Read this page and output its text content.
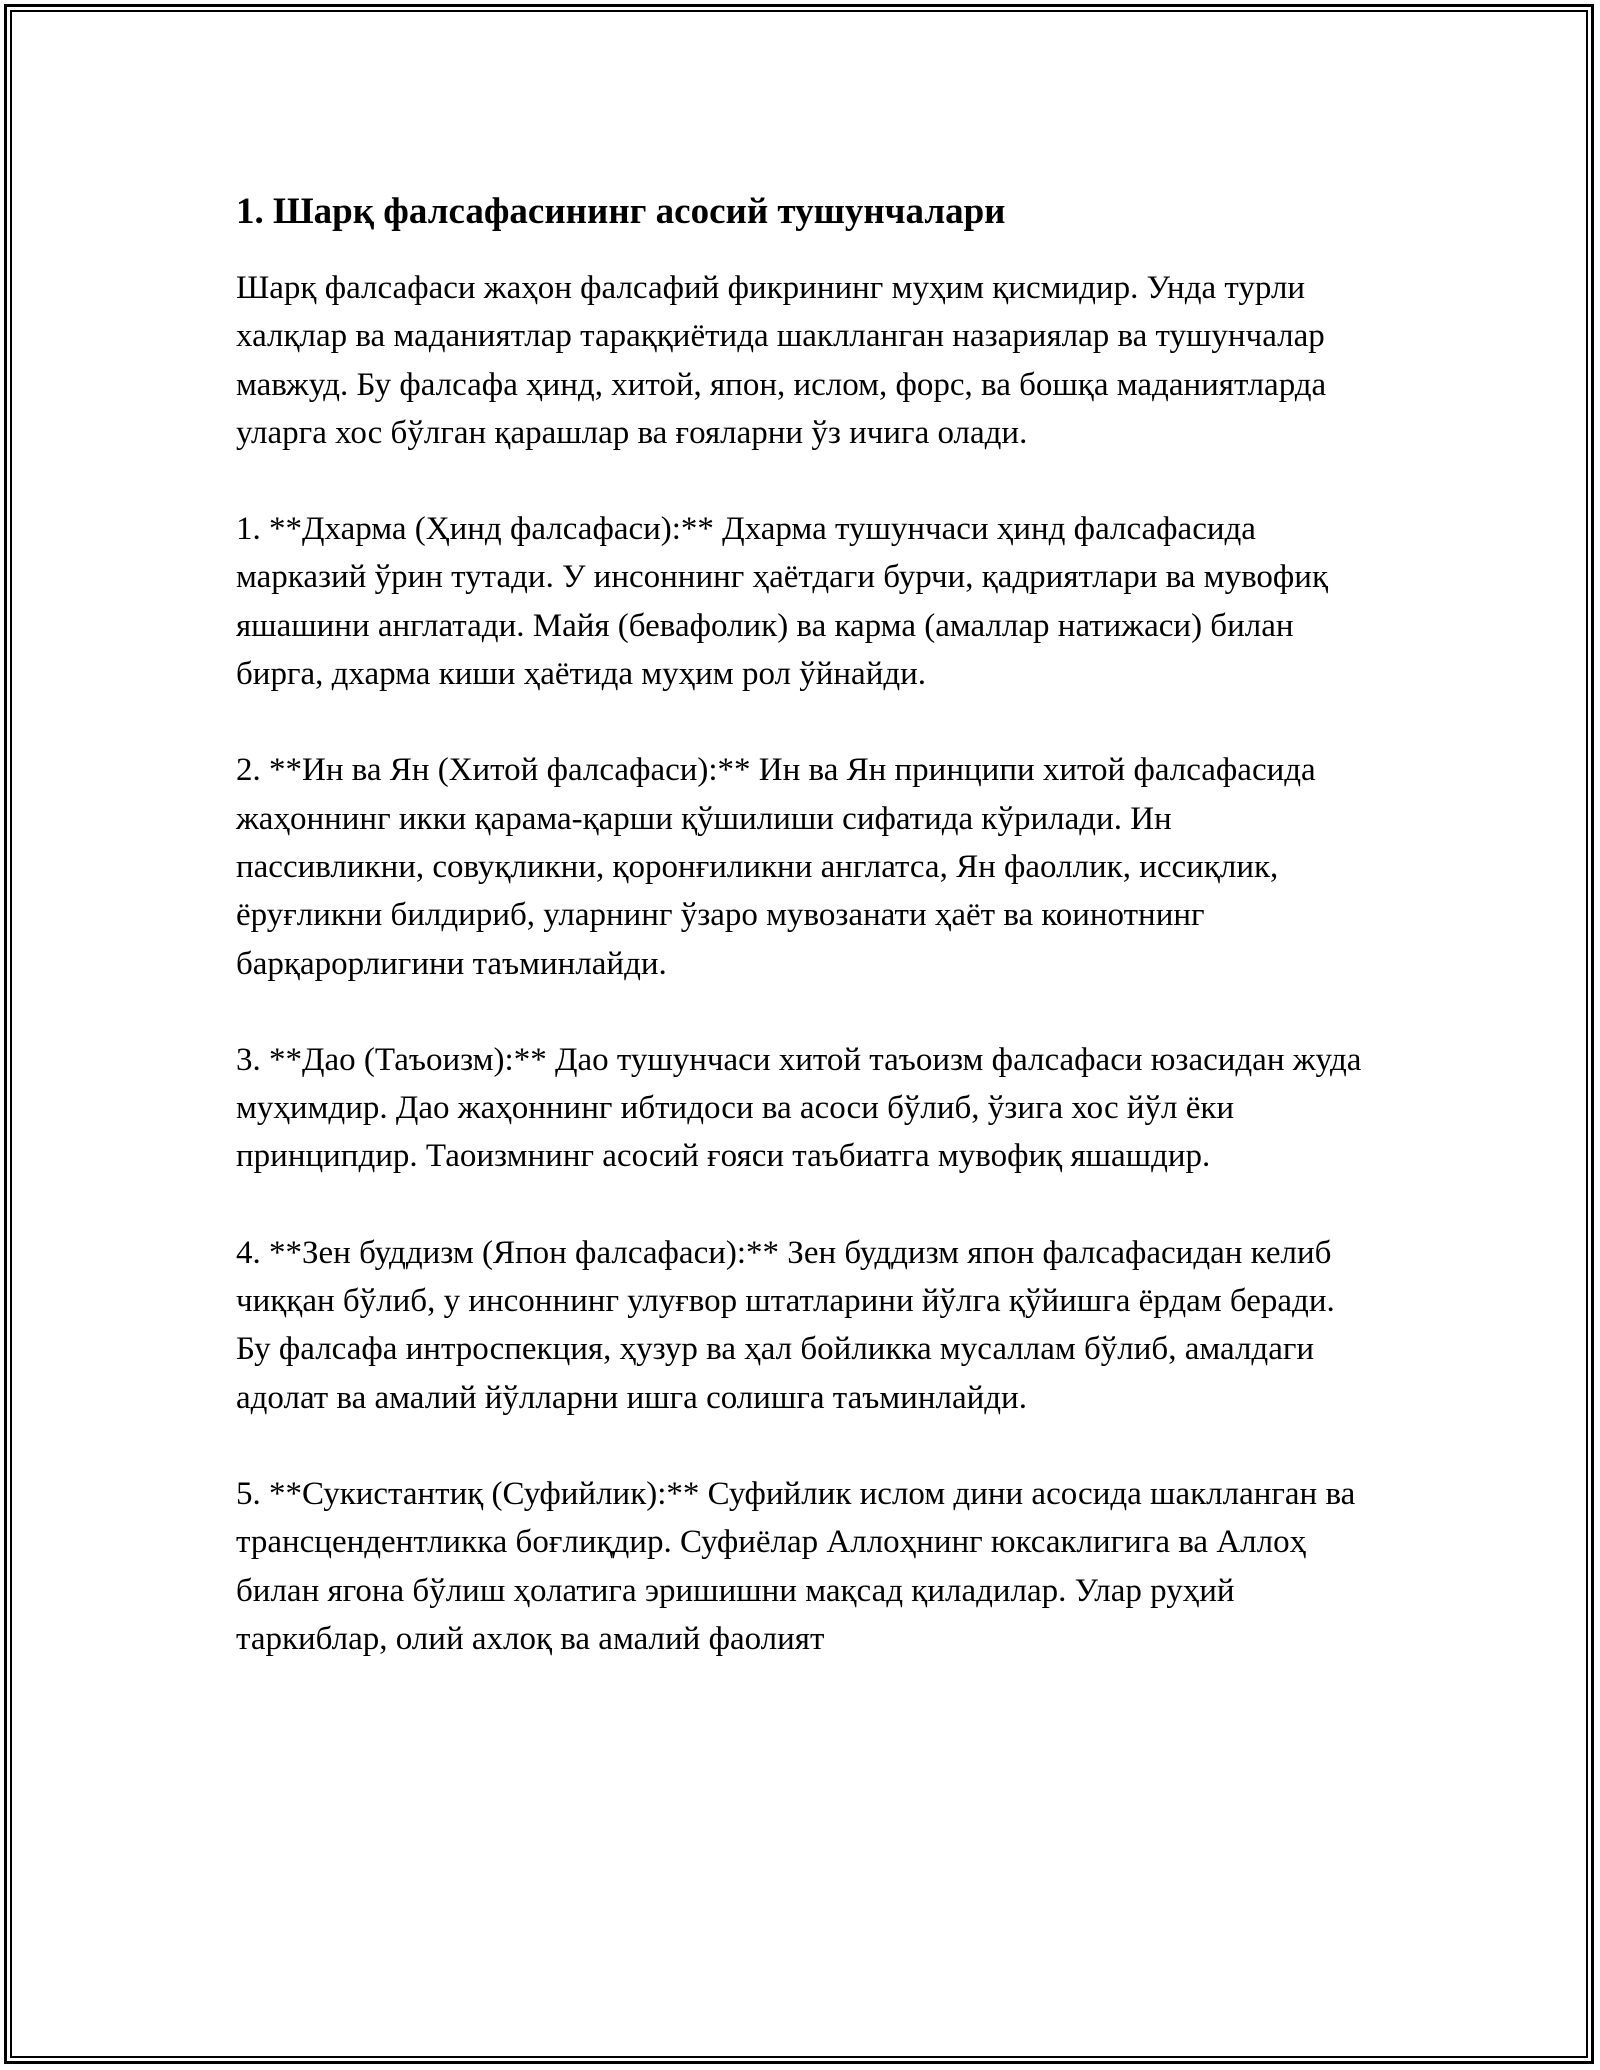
1. Шарқ фалсафасининг асосий тушунчалари

Шарқ фалсафаси жаҳон фалсафий фикрининг муҳим қисмидир. Унда турли халқлар ва маданиятлар тараққиётида шаклланган назариялар ва тушунчалар мавжуд. Бу фалсафа ҳинд, хитой, япон, ислом, форс, ва бошқа маданиятларда уларга хос бўлган қарашлар ва ғояларни ўз ичига олади.

1. **Дхарма (Ҳинд фалсафаси):** Дхарма тушунчаси ҳинд фалсафасида марказий ўрин тутади. У инсоннинг ҳаётдаги бурчи, қадриятлари ва мувофиқ яшашини англатади. Майя (бевафолик) ва карма (амаллар натижаси) билан бирга, дхарма киши ҳаётида муҳим рол ўйнайди.

2. **Ин ва Ян (Хитой фалсафаси):** Ин ва Ян принципи хитой фалсафасида жаҳоннинг икки қарама-қарши қўшилиши сифатида кўрилади. Ин пассивликни, совуқликни, қоронғиликни англатса, Ян фаоллик, иссиқлик, ёруғликни билдириб, уларнинг ўзаро мувозанати ҳаёт ва коинотнинг барқарорлигини таъминлайди.

3. **Дао (Таъоизм):** Дао тушунчаси хитой таъоизм фалсафаси юзасидан жуда муҳимдир. Дао жаҳоннинг ибтидоси ва асоси бўлиб, ўзига хос йўл ёки принципдир. Таоизмнинг асосий ғояси таъбиатга мувофиқ яшашдир.

4. **Зен буддизм (Япон фалсафаси):** Зен буддизм япон фалсафасидан келиб чиққан бўлиб, у инсоннинг улуғвор штатларини йўлга қўйишга ёрдам беради. Бу фалсафа интроспекция, ҳузур ва ҳал бойликка мусаллам бўлиб, амалдаги адолат ва амалий йўлларни ишга солишга таъминлайди.

5. **Сукистантиқ (Суфийлик):** Суфийлик ислом дини асосида шаклланган ва трансцендентликка боғлиқдир. Суфиёлар Аллоҳнинг юксаклигига ва Аллоҳ билан ягона бўлиш ҳолатига эришишни мақсад қиладилар. Улар руҳий таркиблар, олий ахлоқ ва амалий фаолият
